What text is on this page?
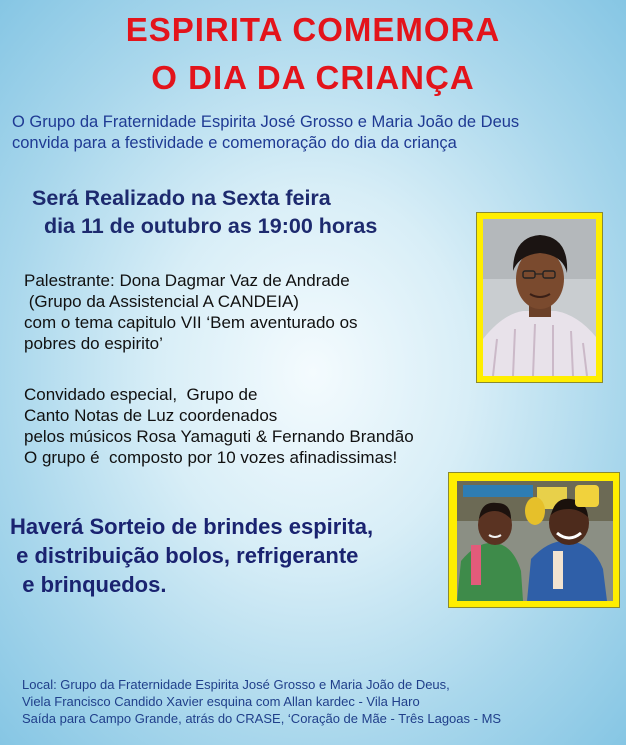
ESPIRITA COMEMORA
O DIA DA CRIANÇA
O Grupo da Fraternidade Espirita José Grosso e Maria João de Deus
convida para a festividade e comemoração do dia da criança
Será Realizado na Sexta feira
dia 11 de outubro as 19:00 horas
Palestrante: Dona Dagmar Vaz de Andrade
(Grupo da Assistencial A CANDEIA)
com o tema capitulo VII ‘Bem aventurado os
pobres do espirito’
Convidado especial,  Grupo de
Canto Notas de Luz coordenados
pelos músicos Rosa Yamaguti & Fernando Brandão
O grupo é  composto por 10 vozes afinadissimas!
Haverá Sorteio de brindes espirita,
e distribuição bolos, refrigerante
e brinquedos.
Local: Grupo da Fraternidade Espirita José Grosso e Maria João de Deus,
Viela Francisco Candido Xavier esquina com Allan kardec - Vila Haro
Saída para Campo Grande, atrás do CRASE, ‘Coração de Mãe - Três Lagoas - MS
